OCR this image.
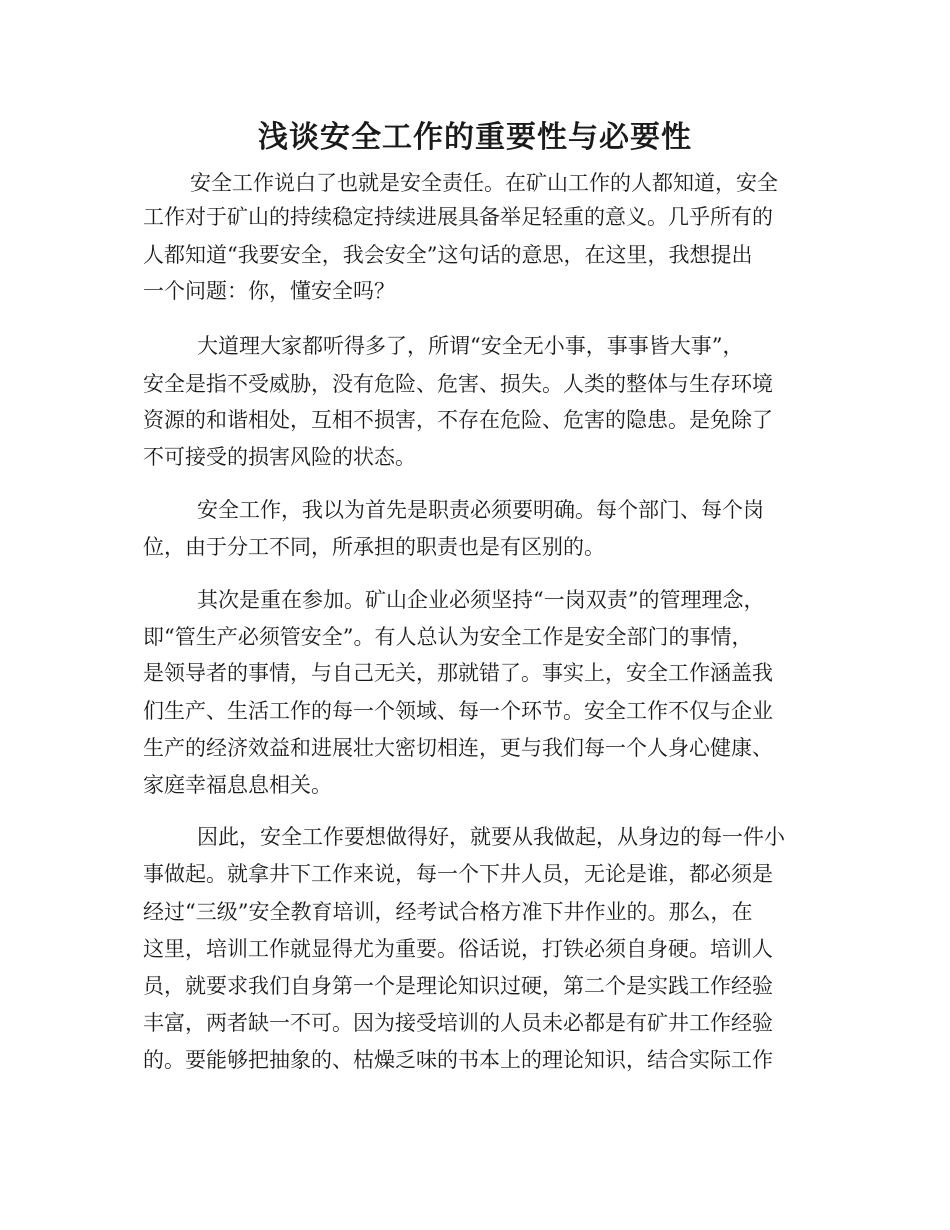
浅谈安全工作的重要性与必要性
安全工作说白了也就是安全责任。在矿山工作的人都知道，安全
工作对于矿山的持续稳定持续进展具备举足轻重的意义。几乎所有的
人都知道“我要安全，我会安全”这句话的意思，在这里，我想提出
一个问题：你，懂安全吗？
大道理大家都听得多了，所谓“安全无小事，事事皆大事”，
安全是指不受威胁，没有危险、危害、损失。人类的整体与生存环境
资源的和谐相处，互相不损害，不存在危险、危害的隐患。是免除了
不可接受的损害风险的状态。
安全工作，我以为首先是职责必须要明确。每个部门、每个岗
位，由于分工不同，所承担的职责也是有区别的。
其次是重在参加。矿山企业必须坚持“一岗双责”的管理理念，
即“管生产必须管安全”。有人总认为安全工作是安全部门的事情，
是领导者的事情，与自己无关，那就错了。事实上，安全工作涵盖我
们生产、生活工作的每一个领域、每一个环节。安全工作不仅与企业
生产的经济效益和进展壮大密切相连，更与我们每一个人身心健康、
家庭幸福息息相关。
因此，安全工作要想做得好，就要从我做起，从身边的每一件小
事做起。就拿井下工作来说，每一个下井人员，无论是谁，都必须是
经过“三级”安全教育培训，经考试合格方准下井作业的。那么，在
这里，培训工作就显得尤为重要。俗话说，打铁必须自身硬。培训人
员，就要求我们自身第一个是理论知识过硬，第二个是实践工作经验
丰富，两者缺一不可。因为接受培训的人员未必都是有矿井工作经验
的。要能够把抽象的、枯燥乏味的书本上的理论知识，结合实际工作
